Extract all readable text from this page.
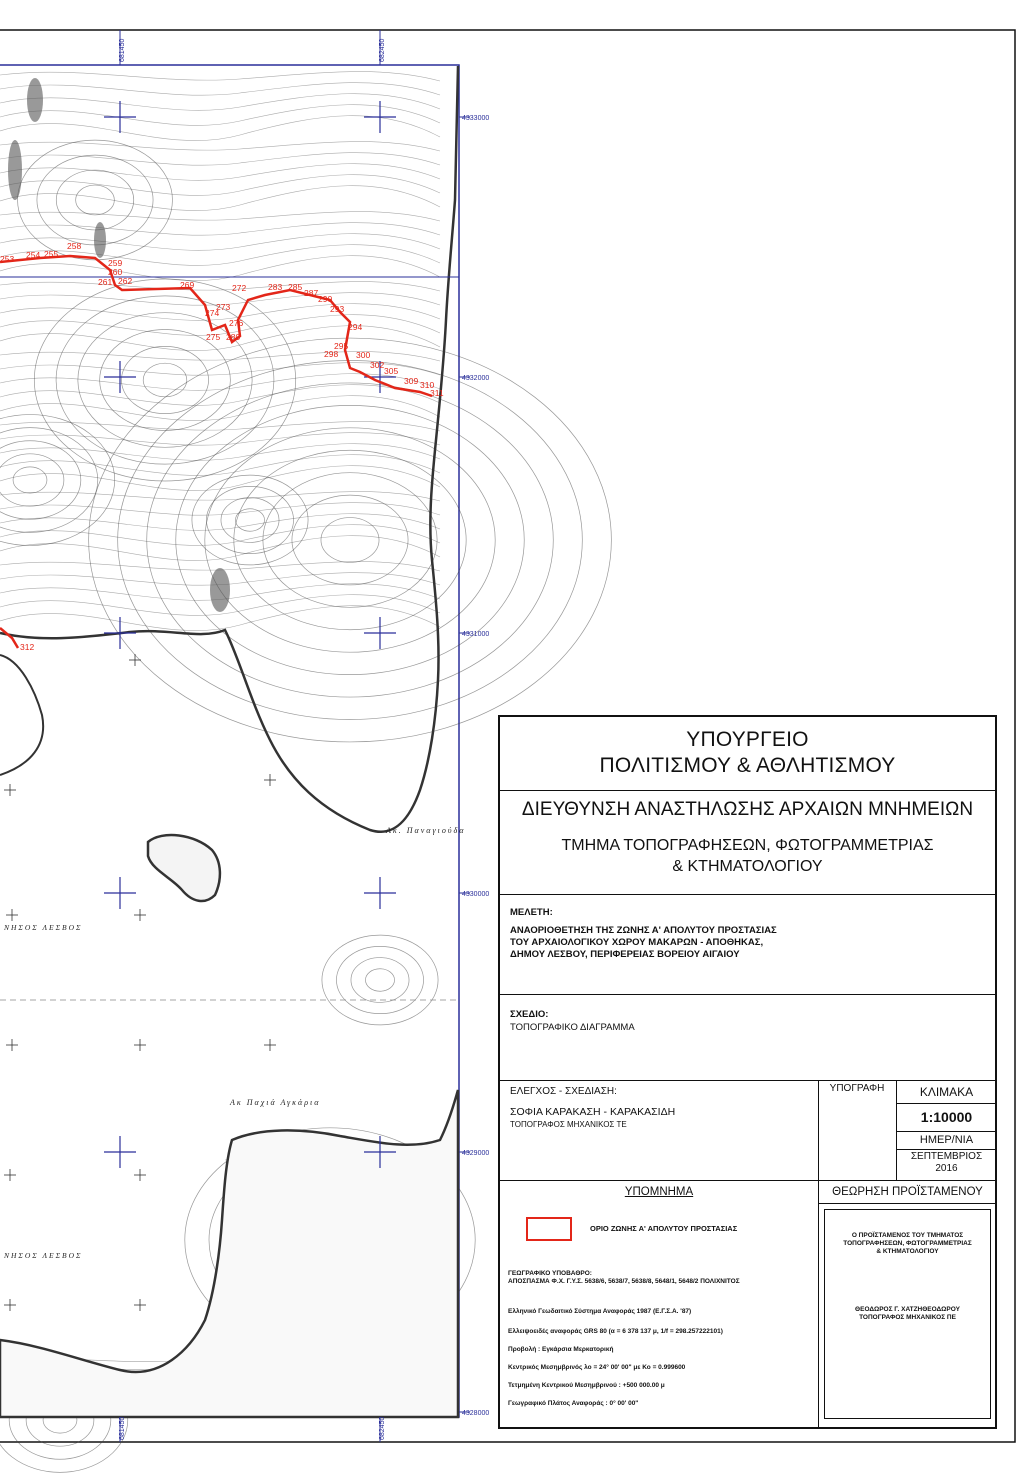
253 254 255
258
259
260
261 262	269	272
273
274
275
276
280
283 285
287
290
293
294
295
298 300
302
305
309 310
311
312
681450	682450
681450	682450
4333000
4332000
4331000
4330000
4329000
4328000
Ακ. Παναγιούδα
ΝΗΣΟΣ ΛΕΣΒΟΣ
Ακ Παχιά Αγκάρια
ΝΗΣΟΣ ΛΕΣΒΟΣ
ΥΠΟΥΡΓΕΙΟ
ΠΟΛΙΤΙΣΜΟΥ & ΑΘΛΗΤΙΣΜΟΥ
ΔΙΕΥΘΥΝΣΗ ΑΝΑΣΤΗΛΩΣΗΣ ΑΡΧΑΙΩΝ ΜΝΗΜΕΙΩΝ
ΤΜΗΜΑ ΤΟΠΟΓΡΑΦΗΣΕΩΝ, ΦΩΤΟΓΡΑΜΜΕΤΡΙΑΣ
& ΚΤΗΜΑΤΟΛΟΓΙΟΥ
ΜΕΛΕΤΗ:
ΑΝΑΟΡΙΟΘΕΤΗΣΗ ΤΗΣ ΖΩΝΗΣ Α' ΑΠΟΛΥΤΟΥ ΠΡΟΣΤΑΣΙΑΣ
ΤΟΥ ΑΡΧΑΙΟΛΟΓΙΚΟΥ ΧΩΡΟΥ ΜΑΚΑΡΩΝ - ΑΠΟΘΗΚΑΣ,
ΔΗΜΟΥ ΛΕΣΒΟΥ, ΠΕΡΙΦΕΡΕΙΑΣ ΒΟΡΕΙΟΥ ΑΙΓΑΙΟΥ
ΣΧΕΔΙΟ:
ΤΟΠΟΓΡΑΦΙΚΟ ΔΙΑΓΡΑΜΜΑ
ΕΛΕΓΧΟΣ - ΣΧΕΔΙΑΣΗ:
ΣΟΦΙΑ ΚΑΡΑΚΑΣΗ - ΚΑΡΑΚΑΣΙΔΗ
ΤΟΠΟΓΡΑΦΟΣ ΜΗΧΑΝΙΚΟΣ ΤΕ
ΥΠΟΓΡΑΦΗ	ΚΛΙΜΑΚΑ
1:10000
ΗΜΕΡ/ΝΙΑ
ΣΕΠΤΕΜΒΡΙΟΣ
2016
ΥΠΟΜΝΗΜΑ
ΟΡΙΟ ΖΩΝΗΣ Α' ΑΠΟΛΥΤΟΥ ΠΡΟΣΤΑΣΙΑΣ
ΓΕΩΓΡΑΦΙΚΟ ΥΠΟΒΑΘΡΟ:
ΑΠΟΣΠΑΣΜΑ Φ.Χ. Γ.Υ.Σ. 5638/6, 5638/7, 5638/8, 5648/1, 5648/2 ΠΟΛΙΧΝΙΤΟΣ
Ελληνικό Γεωδαιτικό Σύστημα Αναφοράς 1987 (Ε.Γ.Σ.Α. '87)
Ελλειψοειδές αναφοράς GRS 80 (α = 6 378 137 μ, 1/f = 298.257222101)
Προβολή : Εγκάρσια Μερκατορική
Κεντρικός Μεσημβρινός λο = 24° 00' 00" με Κο = 0.999600
Τετμημένη Κεντρικού Μεσημβρινού : +500 000.00 μ
Γεωγραφικό Πλάτος Αναφοράς : 0° 00' 00"
ΘΕΩΡΗΣΗ ΠΡΟΪΣΤΑΜΕΝΟΥ
Ο ΠΡΟΪΣΤΑΜΕΝΟΣ ΤΟΥ ΤΜΗΜΑΤΟΣ
ΤΟΠΟΓΡΑΦΗΣΕΩΝ, ΦΩΤΟΓΡΑΜΜΕΤΡΙΑΣ
& ΚΤΗΜΑΤΟΛΟΓΙΟΥ
ΘΕΟΔΩΡΟΣ Γ. ΧΑΤΖΗΘΕΟΔΩΡΟΥ
ΤΟΠΟΓΡΑΦΟΣ ΜΗΧΑΝΙΚΟΣ ΠΕ
